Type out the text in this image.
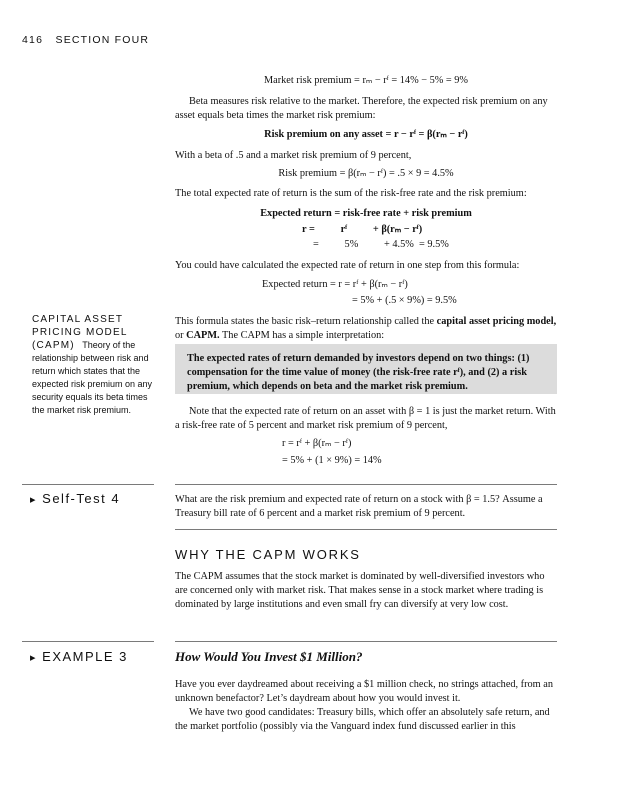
416 SECTION FOUR
Market risk premium = rₘ − rᶠ = 14% − 5% = 9%
Beta measures risk relative to the market. Therefore, the expected risk premium on any asset equals beta times the market risk premium:
Risk premium on any asset = r − rᶠ = β(rₘ − rᶠ)
With a beta of .5 and a market risk premium of 9 percent,
Risk premium = β(rₘ − rᶠ) = .5 × 9 = 4.5%
The total expected rate of return is the sum of the risk-free rate and the risk premium:
Expected return = risk-free rate + risk premium
r =          rᶠ          + β(rₘ − rᶠ)
=          5%          + 4.5%  = 9.5%
You could have calculated the expected rate of return in one step from this formula:
Expected return = r = rᶠ + β(rₘ − rᶠ)
= 5% + (.5 × 9%) = 9.5%
CAPITAL ASSET PRICING MODEL (CAPM) Theory of the relationship between risk and return which states that the expected risk premium on any security equals its beta times the market risk premium.
This formula states the basic risk–return relationship called the capital asset pricing model, or CAPM. The CAPM has a simple interpretation:
The expected rates of return demanded by investors depend on two things: (1) compensation for the time value of money (the risk-free rate rᶠ), and (2) a risk premium, which depends on beta and the market risk premium.
Note that the expected rate of return on an asset with β = 1 is just the market return. With a risk-free rate of 5 percent and market risk premium of 9 percent,
r = rᶠ + β(rₘ − rᶠ)
= 5% + (1 × 9%) = 14%
▸ Self-Test 4	What are the risk premium and expected rate of return on a stock with β = 1.5? Assume a Treasury bill rate of 6 percent and a market risk premium of 9 percent.
WHY THE CAPM WORKS
The CAPM assumes that the stock market is dominated by well-diversified investors who are concerned only with market risk. That makes sense in a stock market where trading is dominated by large institutions and even small fry can diversify at very low cost.
▸ EXAMPLE 3	How Would You Invest $1 Million?
Have you ever daydreamed about receiving a $1 million check, no strings attached, from an unknown benefactor? Let’s daydream about how you would invest it.
We have two good candidates: Treasury bills, which offer an absolutely safe return, and the market portfolio (possibly via the Vanguard index fund discussed earlier in this
